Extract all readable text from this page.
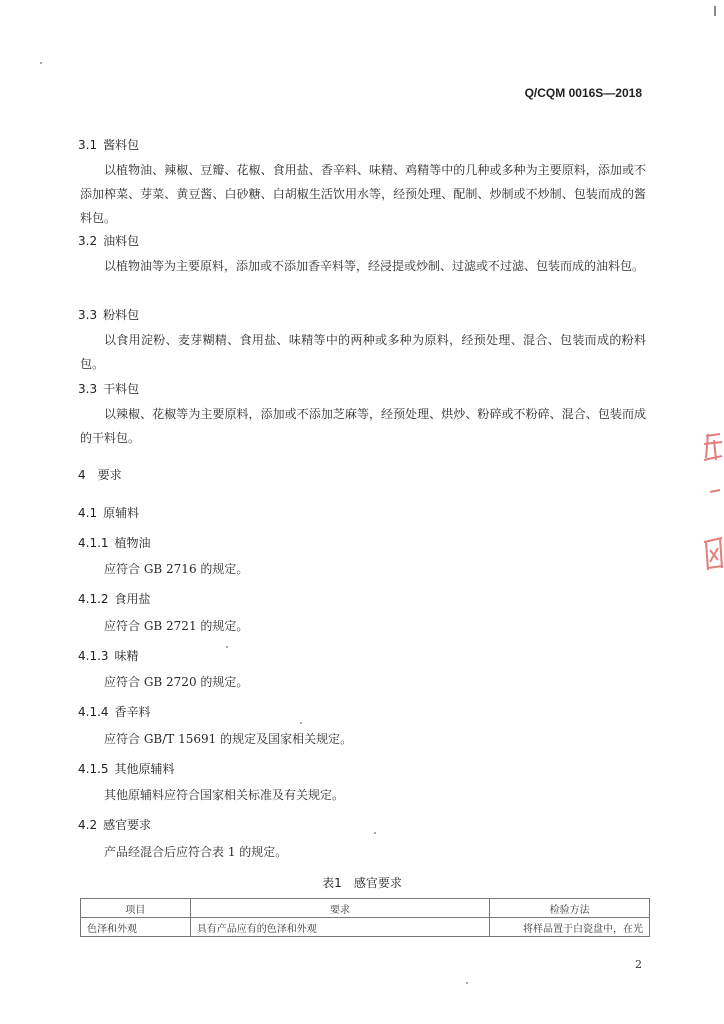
Q/CQM 0016S—2018
3.1 酱料包
以植物油、辣椒、豆瓣、花椒、食用盐、香辛料、味精、鸡精等中的几种或多种为主要原料，添加或不添加榨菜、芽菜、黄豆酱、白砂糖、白胡椒生活饮用水等，经预处理、配制、炒制或不炒制、包装而成的酱料包。
3.2 油料包
以植物油等为主要原料，添加或不添加香辛料等，经浸提或炒制、过滤或不过滤、包装而成的油料包。
3.3 粉料包
以食用淀粉、麦芽糊精、食用盐、味精等中的两种或多种为原料，经预处理、混合、包装而成的粉料包。
3.3 干料包
以辣椒、花椒等为主要原料，添加或不添加芝麻等，经预处理、烘炒、粉碎或不粉碎、混合、包装而成的干料包。
4 要求
4.1 原辅料
4.1.1 植物油
应符合 GB 2716 的规定。
4.1.2 食用盐
应符合 GB 2721 的规定。
4.1.3 味精
应符合 GB 2720 的规定。
4.1.4 香辛料
应符合 GB/T 15691 的规定及国家相关规定。
4.1.5 其他原辅料
其他原辅料应符合国家相关标准及有关规定。
4.2 感官要求
产品经混合后应符合表 1 的规定。
表1 感官要求
项目	要求	检验方法
色泽和外观	具有产品应有的色泽和外观	将样品置于白瓷盘中，在光
2
